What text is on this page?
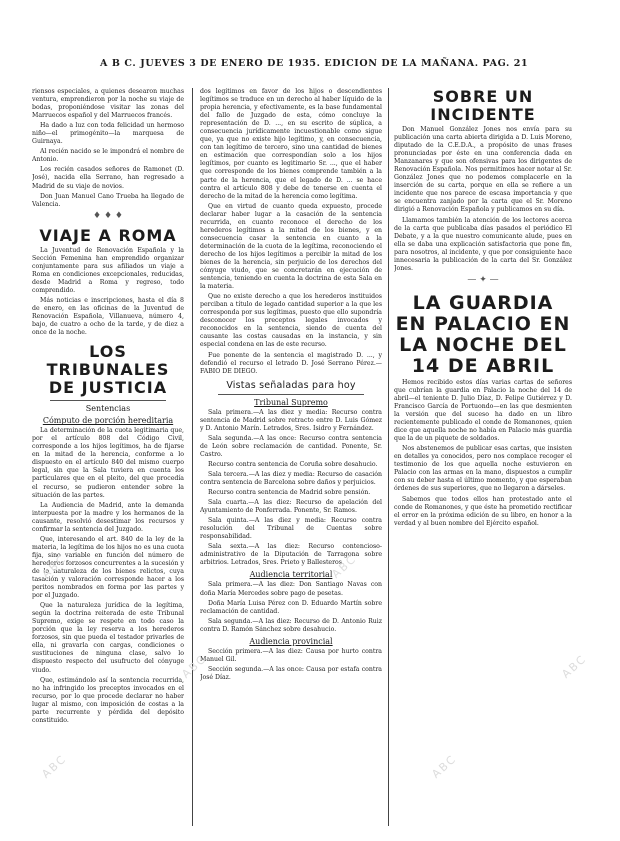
A B C. JUEVES 3 DE ENERO DE 1935. EDICION DE LA MAÑANA. PAG. 21

riensos especiales, a quienes desearon muchas ventura, emprendieron por la noche su viaje de bodas, proponiéndose visitar las zonas del Marruecos español y del Marruecos francés.

Ha dado a luz con toda felicidad un hermoso niño—el primogénito—la marquesa de Guirnaya.

Al recién nacido se le impondrá el nombre de Antonio.

Los recién casados señores de Ramonet (D. José), nacida ella Serrano, han regresado a Madrid de su viaje de novios.

Don Juan Manuel Cano Trueba ha llegado de Valencia.

♦ ♦ ♦
VIAJE A ROMA

La Juventud de Renovación Española y la Sección Femenina han emprendido organizar conjuntamente para sus afiliados un viaje a Roma en condiciones excepcionales, reducidas, desde Madrid a Roma y regreso, todo comprendido.

Más noticias e inscripciones, hasta el día 8 de enero, en las oficinas de la Juventud de Renovación Española, Villanueva, número 4, bajo, de cuatro a ocho de la tarde, y de diez a once de la noche.

LOS TRIBUNALES DE JUSTICIA
Sentencias
Cómputo de porción hereditaria

La determinación de la cuota legitimaria que, por el artículo 808 del Código Civil, corresponde a los hijos legítimos, ha de fijarse en la mitad de la herencia, conforme a lo dispuesto en el artículo 840 del mismo cuerpo legal, sin que la Sala tuviera en cuenta los particulares que en el pleito, del que procedía el recurso, se pudieron entender sobre la situación de las partes.

La Audiencia de Madrid, ante la demanda interpuesta por la madre y los hermanos de la causante, resolvió desestimar los recursos y confirmar la sentencia del Juzgado.

Que, interesando el art. 840 de la ley de la materia, la legítima de los hijos no es una cuota fija, sino variable en función del número de herederos forzosos concurrentes a la sucesión y de la naturaleza de los bienes relictos, cuya tasación y valoración corresponde hacer a los peritos nombrados en forma por las partes y por el Juzgado.

Que la naturaleza jurídica de la legítima, según la doctrina reiterada de este Tribunal Supremo, exige se respete en todo caso la porción que la ley reserva a los herederos forzosos, sin que pueda el testador privarles de ella, ni gravarla con cargas, condiciones o sustituciones de ninguna clase, salvo lo dispuesto respecto del usufructo del cónyuge viudo.

Que, estimándolo así la sentencia recurrida, no ha infringido los preceptos invocados en el recurso, por lo que procede declarar no haber lugar al mismo, con imposición de costas a la parte recurrente y pérdida del depósito constituido.

dos legítimos en favor de los hijos o descendientes legítimos se traduce en un derecho al haber líquido de la propia herencia, y efectivamente, es la base fundamental del fallo de Juzgado de esta, cómo concluye la representación de D. ..., en su escrito de súplica, a consecuencia jurídicamente incuestionable como sigue que, ya que no existe hijo legítimo, y, en consecuencia, con tan legítimo de tercero, sino una cantidad de bienes en estimación que correspondían solo a los hijos legítimos, por cuanto es legitimario Sr. ..., que el haber que corresponde de los bienes comprende también a la parte de la herencia, que el legado de D. ... se hace contra el artículo 808 y debe de tenerse en cuenta el derecho de la mitad de la herencia como legítima.

Que en virtud de cuanto queda expuesto, procede declarar haber lugar a la casación de la sentencia recurrida, en cuanto reconoce el derecho de los herederos legítimos a la mitad de los bienes, y en consecuencia casar la sentencia en cuanto a la determinación de la cuota de la legítima, reconociendo el derecho de los hijos legítimos a percibir la mitad de los bienes de la herencia, sin perjuicio de los derechos del cónyuge viudo, que se concretarán en ejecución de sentencia, teniendo en cuenta la doctrina de esta Sala en la materia.

Que no existe derecho a que los herederos instituidos perciban a título de legado cantidad superior a la que les corresponda por sus legítimas, puesto que ello supondría desconocer los preceptos legales invocados y reconocidos en la sentencia, siendo de cuenta del causante las costas causadas en la instancia, y sin especial condena en las de este recurso.

Fue ponente de la sentencia el magistrado D. ..., y defendió el recurso el letrado D. José Serrano Pérez.—FABIO DE DIEGO.

Vistas señaladas para hoy
Tribunal Supremo

Sala primera.—A las diez y media: Recurso contra sentencia de Madrid sobre retracto entre D. Luis Gómez y D. Antonio Marín. Letrados, Sres. Isidro y Fernández.

Sala segunda.—A las once: Recurso contra sentencia de León sobre reclamación de cantidad. Ponente, Sr. Castro.

Recurso contra sentencia de Coruña sobre desahucio.

Sala tercera.—A las diez y media: Recurso de casación contra sentencia de Barcelona sobre daños y perjuicios.

Recurso contra sentencia de Madrid sobre pensión.

Sala cuarta.—A las diez: Recurso de apelación del Ayuntamiento de Ponferrada. Ponente, Sr. Ramos.

Sala quinta.—A las diez y media: Recurso contra resolución del Tribunal de Cuentas sobre responsabilidad.

Sala sexta.—A las diez: Recurso contencioso-administrativo de la Diputación de Tarragona sobre arbitrios. Letrados, Sres. Prieto y Ballesteros.

Audiencia territorial

Sala primera.—A las diez: Don Santiago Navas con doña María Mercedes sobre pago de pesetas.

Doña María Luisa Pérez con D. Eduardo Martín sobre reclamación de cantidad.

Sala segunda.—A las diez: Recurso de D. Antonio Ruiz contra D. Ramón Sánchez sobre desahucio.

Audiencia provincial

Sección primera.—A las diez: Causa por hurto contra Manuel Gil.

Sección segunda.—A las once: Causa por estafa contra José Díaz.

SOBRE UN INCIDENTE

Don Manuel González Jones nos envía para su publicación una carta abierta dirigida a D. Luis Moreno, diputado de la C.E.D.A., a propósito de unas frases pronunciadas por éste en una conferencia dada en Manzanares y que son ofensivas para los dirigentes de Renovación Española. Nos permitimos hacer notar al Sr. González Jones que no podemos complacerle en la inserción de su carta, porque en ella se refiere a un incidente que nos parece de escasa importancia y que se encuentra zanjado por la carta que el Sr. Moreno dirigió a Renovación Española y publicamos en su día.

Llamamos también la atención de los lectores acerca de la carta que publicaba días pasados el periódico El Debate, y a la que nuestro comunicante alude, pues en ella se daba una explicación satisfactoria que pone fin, para nosotros, al incidente, y que por consiguiente hace innecesaria la publicación de la carta del Sr. González Jones.

— ✦ —
LA GUARDIA EN PALACIO EN LA NOCHE DEL 14 DE ABRIL

Hemos recibido estos días varias cartas de señores que cubrían la guardia en Palacio la noche del 14 de abril—el teniente D. Julio Díaz, D. Felipe Gutiérrez y D. Francisco García de Portuondo—en las que desmienten la versión que del suceso ha dado en un libro recientemente publicado el conde de Romanones, quien dice que aquella noche no había en Palacio más guardia que la de un piquete de soldados.

Nos abstenemos de publicar esas cartas, que insisten en detalles ya conocidos, pero nos complace recoger el testimonio de los que aquella noche estuvieron en Palacio con las armas en la mano, dispuestos a cumplir con su deber hasta el último momento, y que esperaban órdenes de sus superiores, que no llegaron a dárseles.

Sabemos que todos ellos han protestado ante el conde de Romanones, y que éste ha prometido rectificar el error en la próxima edición de su libro, en honor a la verdad y al buen nombre del Ejército español.

ABC
ABC
ABC
ABC
ABC
ABC
